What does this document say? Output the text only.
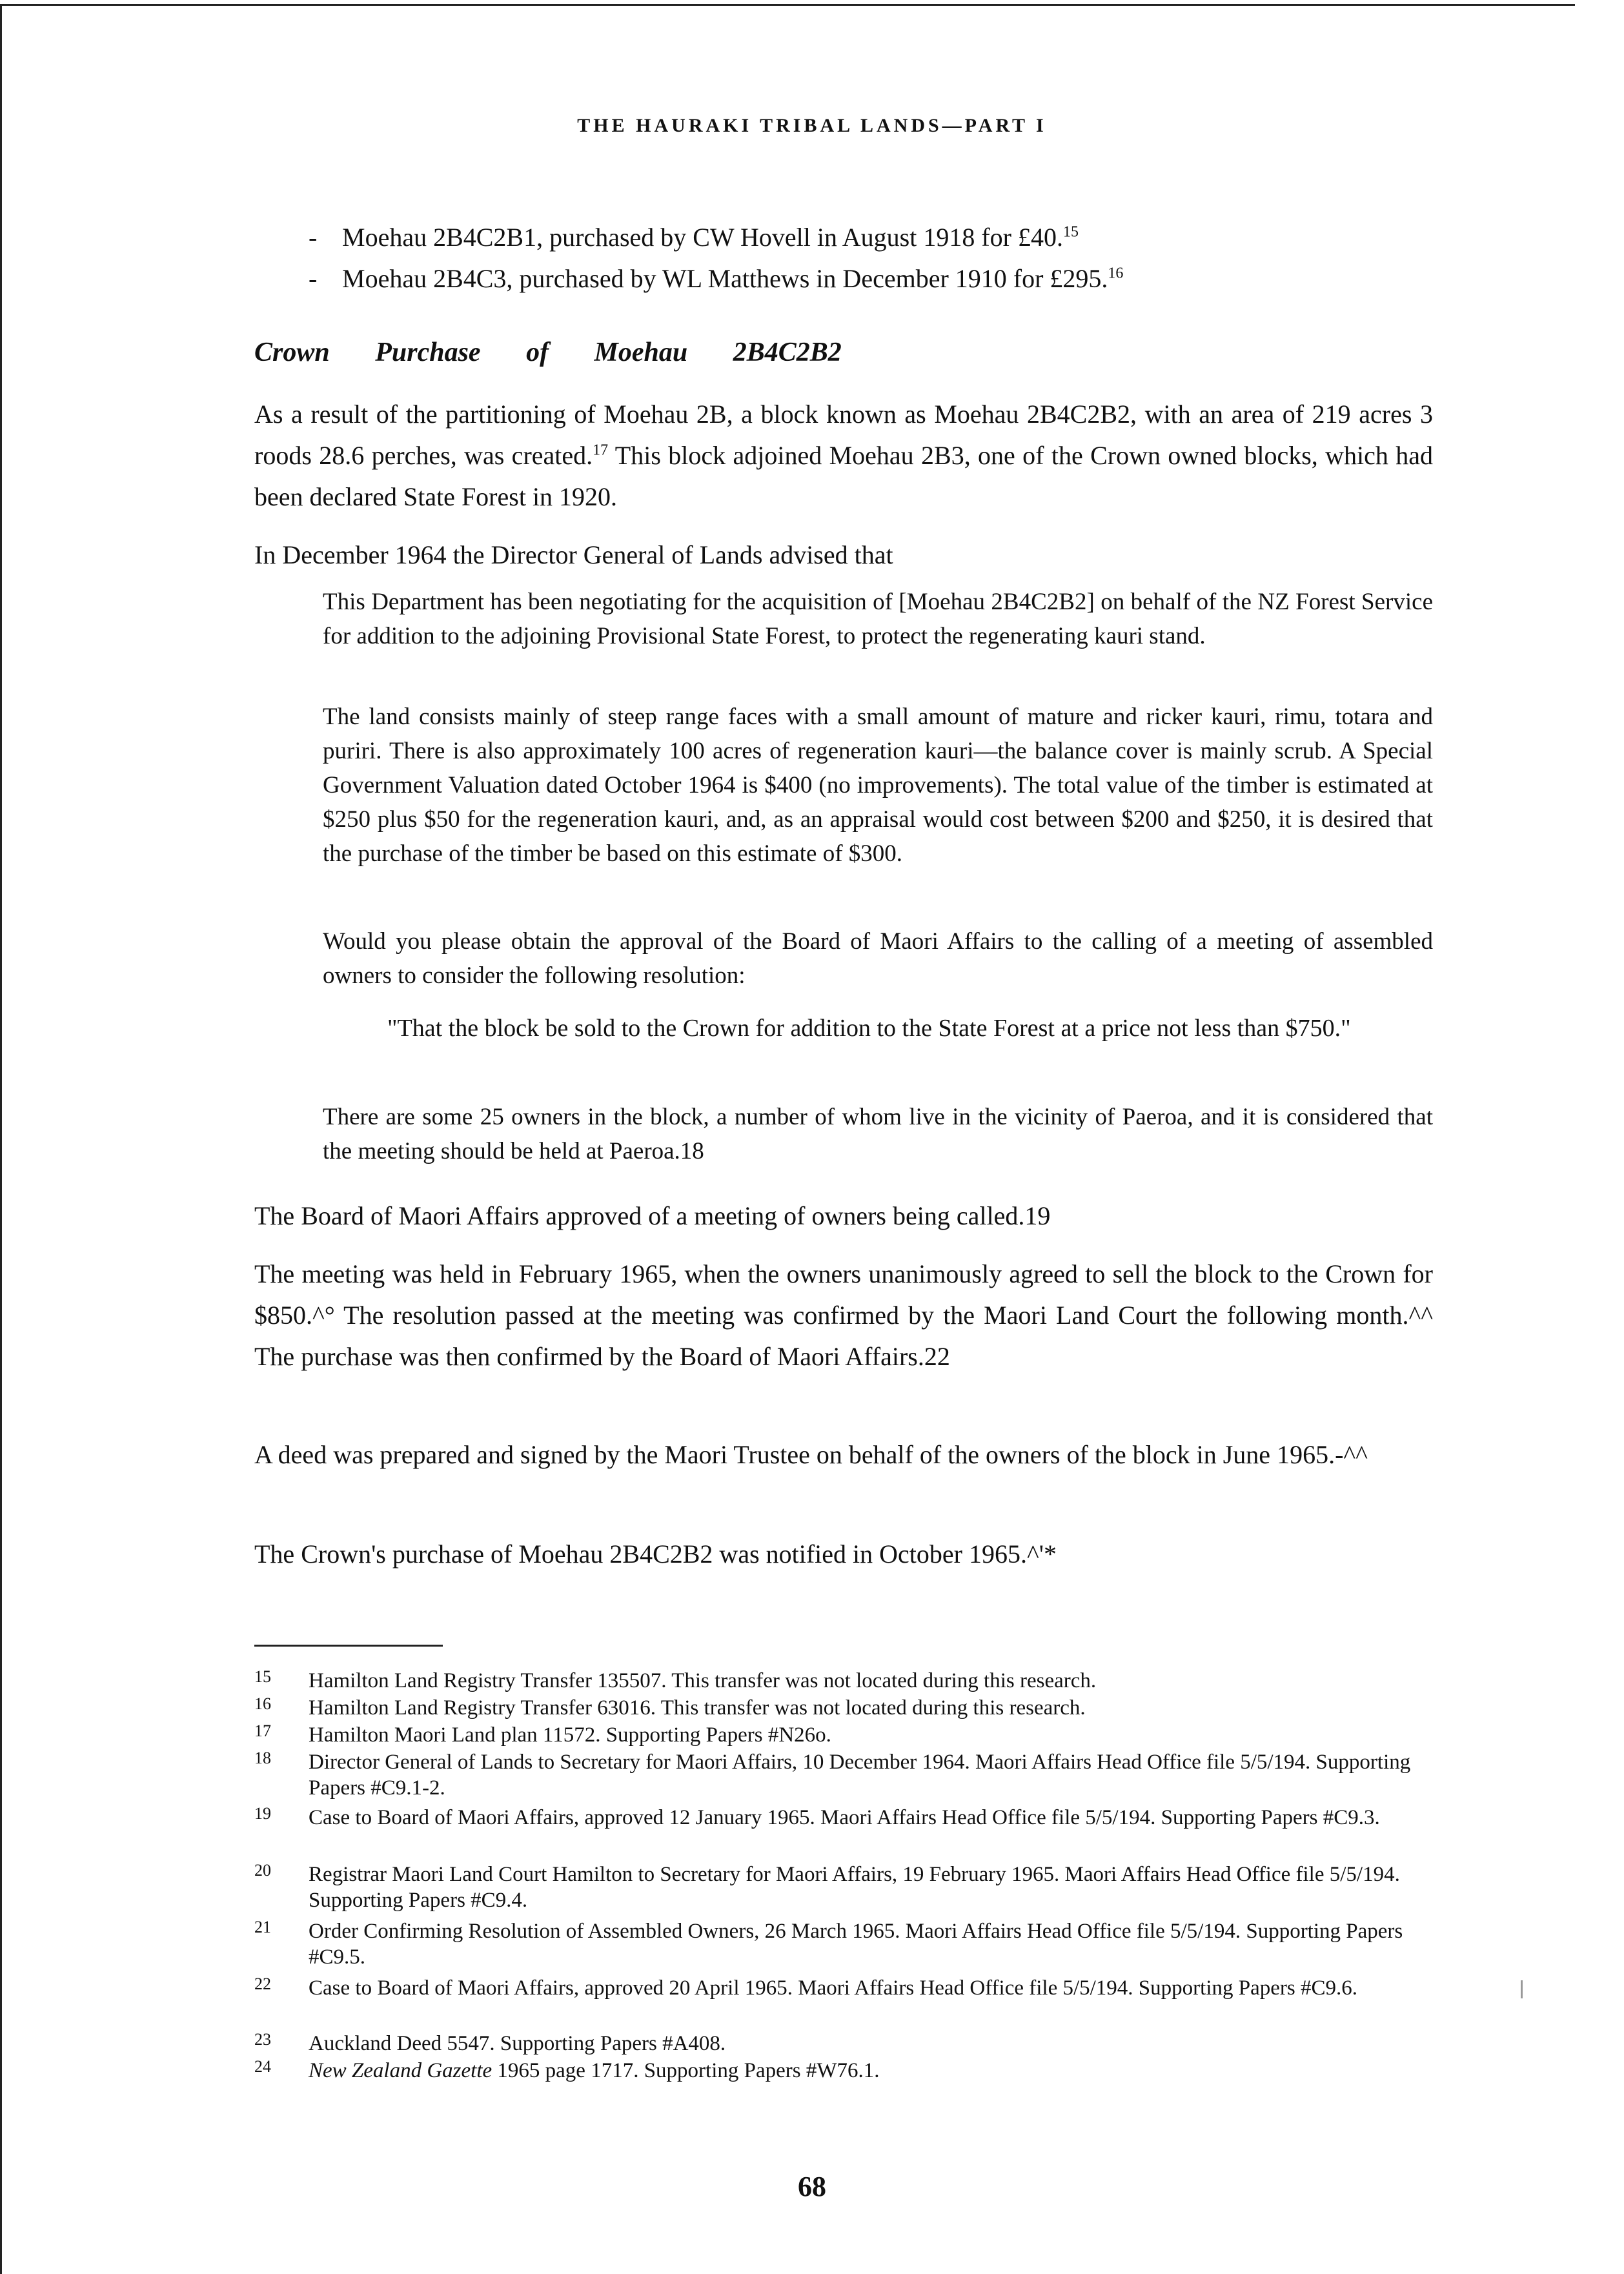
THE HAURAKI TRIBAL LANDS—PART I
- Moehau 2B4C2B1, purchased by CW Hovell in August 1918 for £40.15
- Moehau 2B4C3, purchased by WL Matthews in December 1910 for £295.16
Crown Purchase of Moehau 2B4C2B2
As a result of the partitioning of Moehau 2B, a block known as Moehau 2B4C2B2, with an area of 219 acres 3 roods 28.6 perches, was created.$^{17}$ This block adjoined Moehau 2B3, one of the Crown owned blocks, which had been declared State Forest in 1920.
In December 1964 the Director General of Lands advised that
This Department has been negotiating for the acquisition of [Moehau 2B4C2B2] on behalf of the NZ Forest Service for addition to the adjoining Provisional State Forest, to protect the regenerating kauri stand.
The land consists mainly of steep range faces with a small amount of mature and ricker kauri, rimu, totara and puriri. There is also approximately 100 acres of regeneration kauri—the balance cover is mainly scrub. A Special Government Valuation dated October 1964 is $400 (no improvements). The total value of the timber is estimated at $250 plus $50 for the regeneration kauri, and, as an appraisal would cost between $200 and $250, it is desired that the purchase of the timber be based on this estimate of $300.
Would you please obtain the approval of the Board of Maori Affairs to the calling of a meeting of assembled owners to consider the following resolution:
"That the block be sold to the Crown for addition to the State Forest at a price not less than $750."
There are some 25 owners in the block, a number of whom live in the vicinity of Paeroa, and it is considered that the meeting should be held at Paeroa.18
The Board of Maori Affairs approved of a meeting of owners being called.19
The meeting was held in February 1965, when the owners unanimously agreed to sell the block to the Crown for $850.^° The resolution passed at the meeting was confirmed by the Maori Land Court the following month.^^ The purchase was then confirmed by the Board of Maori Affairs.22
A deed was prepared and signed by the Maori Trustee on behalf of the owners of the block in June 1965.-^^
The Crown's purchase of Moehau 2B4C2B2 was notified in October 1965.^'*
15 Hamilton Land Registry Transfer 135507. This transfer was not located during this research.
16 Hamilton Land Registry Transfer 63016. This transfer was not located during this research.
17 Hamilton Maori Land plan 11572. Supporting Papers #N26o.
18 Director General of Lands to Secretary for Maori Affairs, 10 December 1964. Maori Affairs Head Office file 5/5/194. Supporting Papers #C9.1-2.
19 Case to Board of Maori Affairs, approved 12 January 1965. Maori Affairs Head Office file 5/5/194. Supporting Papers #C9.3.
20 Registrar Maori Land Court Hamilton to Secretary for Maori Affairs, 19 February 1965. Maori Affairs Head Office file 5/5/194. Supporting Papers #C9.4.
21 Order Confirming Resolution of Assembled Owners, 26 March 1965. Maori Affairs Head Office file 5/5/194. Supporting Papers #C9.5.
22 Case to Board of Maori Affairs, approved 20 April 1965. Maori Affairs Head Office file 5/5/194. Supporting Papers #C9.6.
23 Auckland Deed 5547. Supporting Papers #A408.
24 New Zealand Gazette 1965 page 1717. Supporting Papers #W76.1.
68
